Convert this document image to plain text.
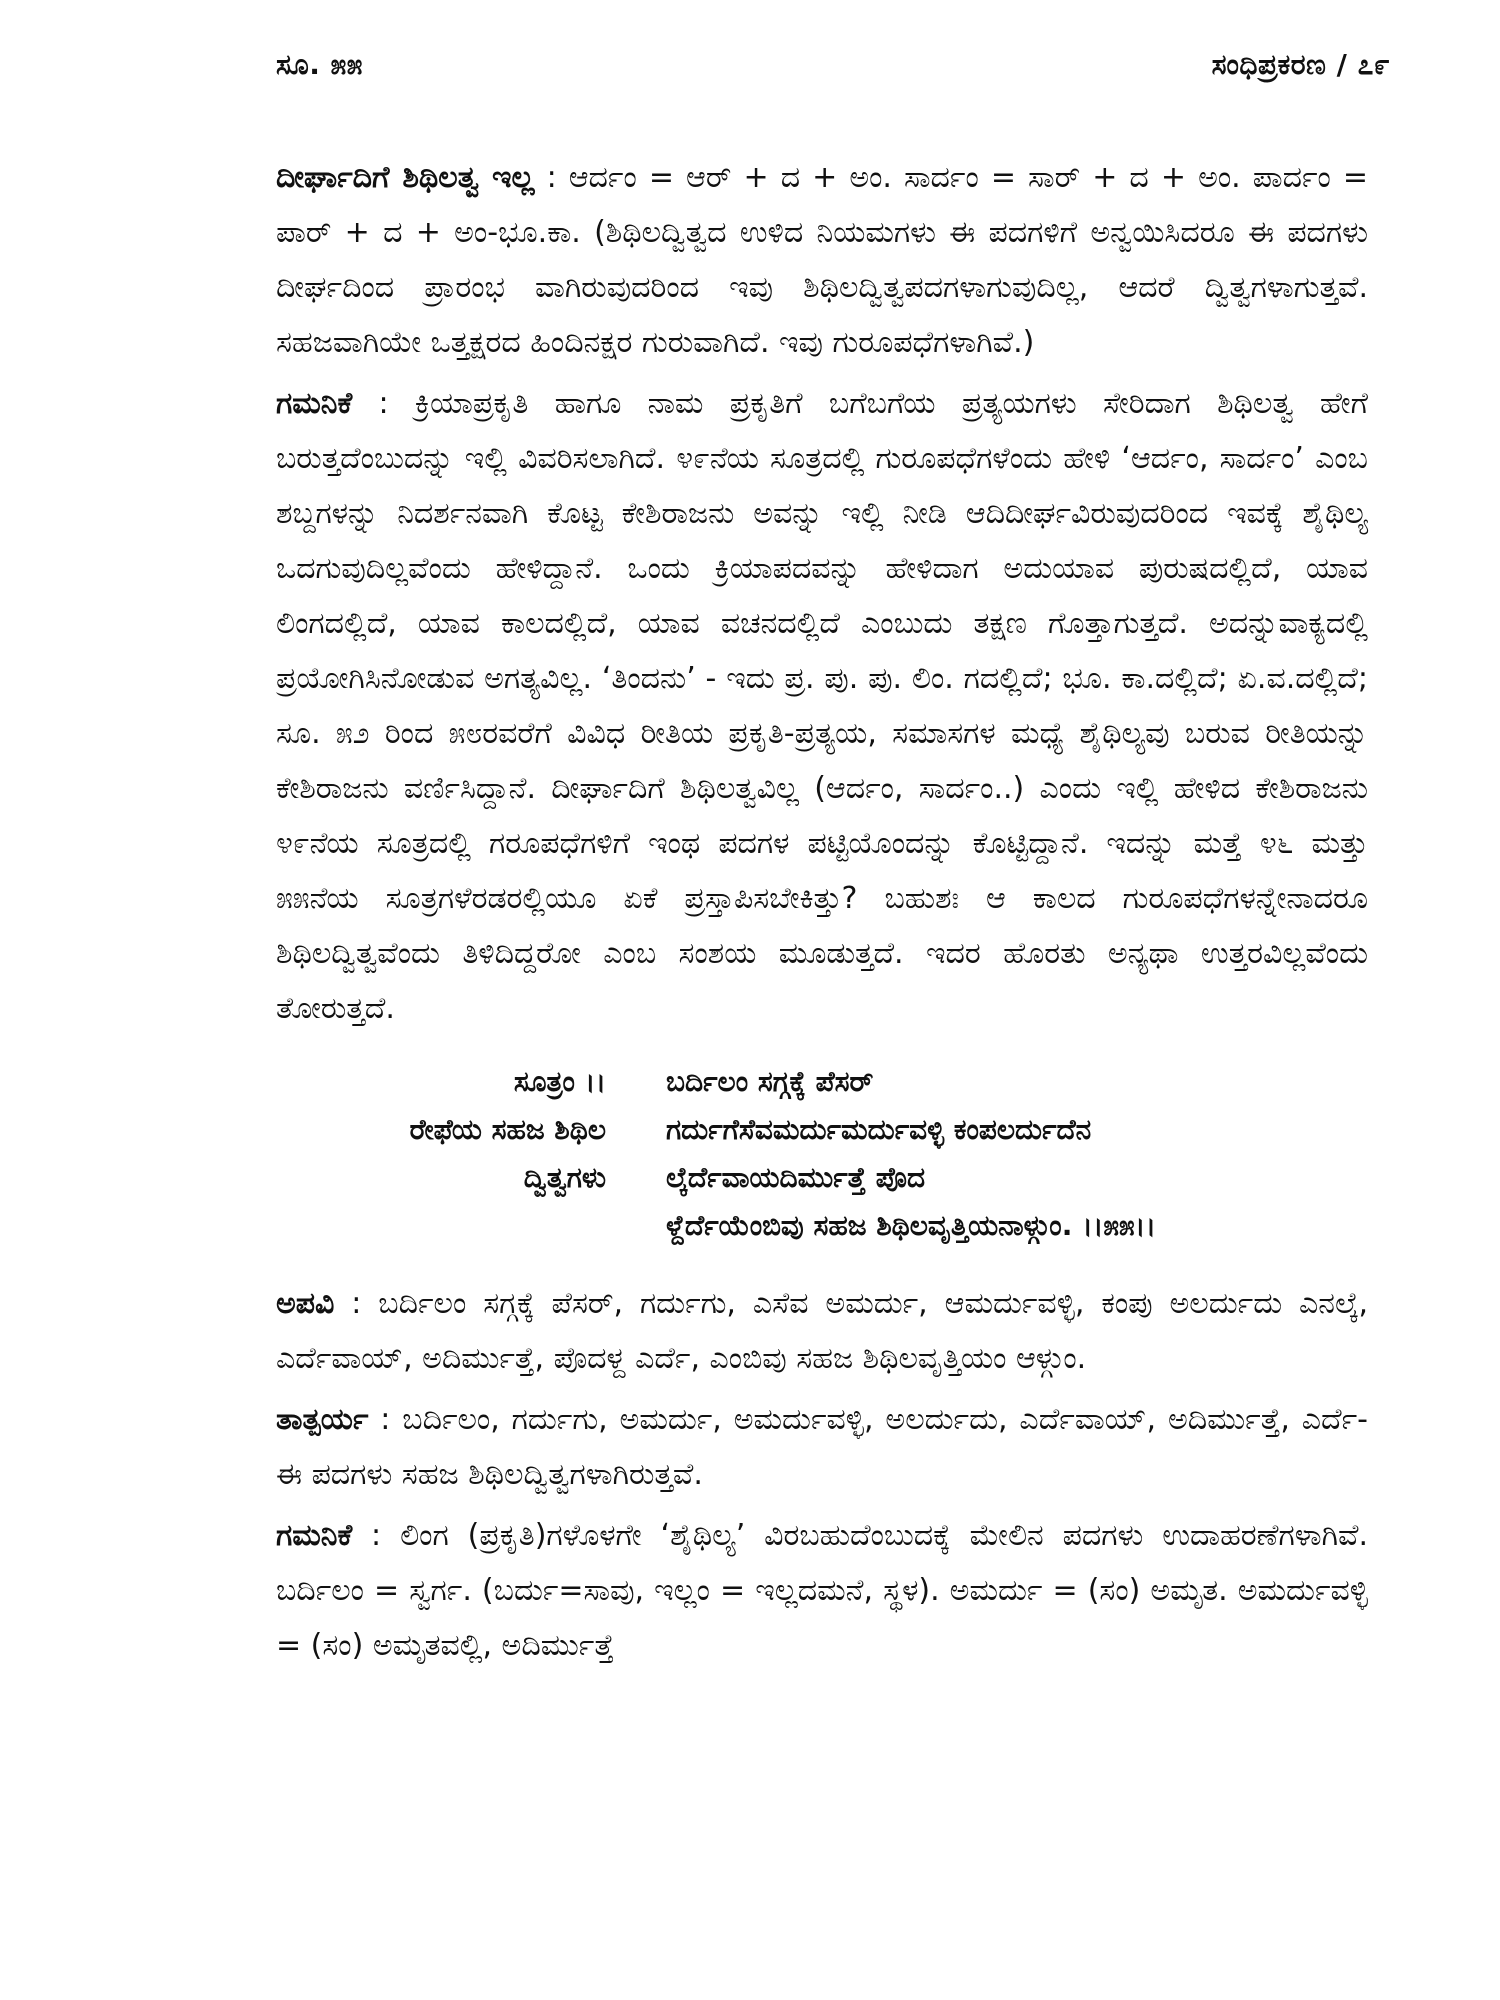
ಸೂ. ೫೫	ಸಂಧಿಪ್ರಕರಣ / ೭೯

ದೀರ್ಘಾದಿಗೆ ಶಿಥಿಲತ್ವ ಇಲ್ಲ : ಆರ್ದಂ = ಆರ್ + ದ + ಅಂ. ಸಾರ್ದಂ = ಸಾರ್ + ದ + ಅಂ. ಪಾರ್ದಂ = ಪಾರ್ + ದ + ಅಂ-ಭೂ.ಕಾ. (ಶಿಥಿಲದ್ವಿತ್ವದ ಉಳಿದ ನಿಯಮಗಳು ಈ ಪದಗಳಿಗೆ ಅನ್ವಯಿಸಿದರೂ ಈ ಪದಗಳು ದೀರ್ಘದಿಂದ ಪ್ರಾರಂಭ ವಾಗಿರುವುದರಿಂದ ಇವು ಶಿಥಿಲದ್ವಿತ್ವಪದಗಳಾಗುವುದಿಲ್ಲ, ಆದರೆ ದ್ವಿತ್ವಗಳಾಗುತ್ತವೆ. ಸಹಜವಾಗಿಯೇ ಒತ್ತಕ್ಷರದ ಹಿಂದಿನಕ್ಷರ ಗುರುವಾಗಿದೆ. ಇವು ಗುರೂಪಧೆಗಳಾಗಿವೆ.)

ಗಮನಿಕೆ : ಕ್ರಿಯಾಪ್ರಕೃತಿ ಹಾಗೂ ನಾಮ ಪ್ರಕೃತಿಗೆ ಬಗೆಬಗೆಯ ಪ್ರತ್ಯಯಗಳು ಸೇರಿದಾಗ ಶಿಥಿಲತ್ವ ಹೇಗೆ ಬರುತ್ತದೆಂಬುದನ್ನು ಇಲ್ಲಿ ವಿವರಿಸಲಾಗಿದೆ. ೪೯ನೆಯ ಸೂತ್ರದಲ್ಲಿ ಗುರೂಪಧೆಗಳೆಂದು ಹೇಳಿ ‘ಆರ್ದಂ, ಸಾರ್ದಂ’ ಎಂಬ ಶಬ್ದಗಳನ್ನು ನಿದರ್ಶನವಾಗಿ ಕೊಟ್ಟ ಕೇಶಿರಾಜನು ಅವನ್ನು ಇಲ್ಲಿ ನೀಡಿ ಆದಿದೀರ್ಘವಿರುವುದರಿಂದ ಇವಕ್ಕೆ ಶೈಥಿಲ್ಯ ಒದಗುವುದಿಲ್ಲವೆಂದು ಹೇಳಿದ್ದಾನೆ. ಒಂದು ಕ್ರಿಯಾಪದವನ್ನು ಹೇಳಿದಾಗ ಅದುಯಾವ ಪುರುಷದಲ್ಲಿದೆ, ಯಾವ ಲಿಂಗದಲ್ಲಿದೆ, ಯಾವ ಕಾಲದಲ್ಲಿದೆ, ಯಾವ ವಚನದಲ್ಲಿದೆ ಎಂಬುದು ತಕ್ಷಣ ಗೊತ್ತಾಗುತ್ತದೆ. ಅದನ್ನುವಾಕ್ಯದಲ್ಲಿ ಪ್ರಯೋಗಿಸಿನೋಡುವ ಅಗತ್ಯವಿಲ್ಲ. ‘ತಿಂದನು’ - ಇದು ಪ್ರ. ಪು. ಪು. ಲಿಂ. ಗದಲ್ಲಿದೆ; ಭೂ. ಕಾ.ದಲ್ಲಿದೆ; ಏ.ವ.ದಲ್ಲಿದೆ; ಸೂ. ೫೨ ರಿಂದ ೫೮ರವರೆಗೆ ವಿವಿಧ ರೀತಿಯ ಪ್ರಕೃತಿ-ಪ್ರತ್ಯಯ, ಸಮಾಸಗಳ ಮಧ್ಯೆ ಶೈಥಿಲ್ಯವು ಬರುವ ರೀತಿಯನ್ನು ಕೇಶಿರಾಜನು ವರ್ಣಿಸಿದ್ದಾನೆ. ದೀರ್ಘಾದಿಗೆ ಶಿಥಿಲತ್ವವಿಲ್ಲ (ಆರ್ದಂ, ಸಾರ್ದಂ..) ಎಂದು ಇಲ್ಲಿ ಹೇಳಿದ ಕೇಶಿರಾಜನು ೪೯ನೆಯ ಸೂತ್ರದಲ್ಲಿ ಗರೂಪಧೆಗಳಿಗೆ ಇಂಥ ಪದಗಳ ಪಟ್ಟಿಯೊಂದನ್ನು ಕೊಟ್ಟಿದ್ದಾನೆ. ಇದನ್ನು ಮತ್ತೆ ೪೬ ಮತ್ತು ೫೫ನೆಯ ಸೂತ್ರಗಳೆರಡರಲ್ಲಿಯೂ ಏಕೆ ಪ್ರಸ್ತಾಪಿಸಬೇಕಿತ್ತು? ಬಹುಶಃ ಆ ಕಾಲದ ಗುರೂಪಧೆಗಳನ್ನೇನಾದರೂ ಶಿಥಿಲದ್ವಿತ್ವವೆಂದು ತಿಳಿದಿದ್ದರೋ ಎಂಬ ಸಂಶಯ ಮೂಡುತ್ತದೆ. ಇದರ ಹೊರತು ಅನ್ಯಥಾ ಉತ್ತರವಿಲ್ಲವೆಂದು ತೋರುತ್ತದೆ.

ಸೂತ್ರಂ ।। ಬರ್ದಿಲಂ ಸಗ್ಗಕ್ಕೆ ಪೆಸರ್
ರೇಫೆಯ ಸಹಜ ಶಿಥಿಲ ಗರ್ದುಗೆಸೆವಮರ್ದುಮರ್ದುವಳ್ಳಿ ಕಂಪಲರ್ದುದೆನ
ದ್ವಿತ್ವಗಳು ಲ್ಕೆರ್ದೆವಾಯದಿರ್ಮುತ್ತೆ ಪೊದ
ಳ್ದೆರ್ದೆಯೆಂಬಿವು ಸಹಜ ಶಿಥಿಲವೃತ್ತಿಯನಾಳ್ಗುಂ. ।।೫೫।।

ಅಪವಿ : ಬರ್ದಿಲಂ ಸಗ್ಗಕ್ಕೆ ಪೆಸರ್, ಗರ್ದುಗು, ಎಸೆವ ಅಮರ್ದು, ಆಮರ್ದುವಳ್ಳಿ, ಕಂಪು ಅಲರ್ದುದು ಎನಲ್ಕೆ, ಎರ್ದೆವಾಯ್, ಅದಿರ್ಮುತ್ತೆ, ಪೊದಳ್ದ ಎರ್ದೆ, ಎಂಬಿವು ಸಹಜ ಶಿಥಿಲವೃತ್ತಿಯಂ ಆಳ್ಗುಂ.

ತಾತ್ಪರ್ಯ : ಬರ್ದಿಲಂ, ಗರ್ದುಗು, ಅಮರ್ದು, ಅಮರ್ದುವಳ್ಳಿ, ಅಲರ್ದುದು, ಎರ್ದೆವಾಯ್, ಅದಿರ್ಮುತ್ತೆ, ಎರ್ದೆ- ಈ ಪದಗಳು ಸಹಜ ಶಿಥಿಲದ್ವಿತ್ವಗಳಾಗಿರುತ್ತವೆ.

ಗಮನಿಕೆ : ಲಿಂಗ (ಪ್ರಕೃತಿ)ಗಳೊಳಗೇ ‘ಶೈಥಿಲ್ಯ’ ವಿರಬಹುದೆಂಬುದಕ್ಕೆ ಮೇಲಿನ ಪದಗಳು ಉದಾಹರಣೆಗಳಾಗಿವೆ. ಬರ್ದಿಲಂ = ಸ್ವರ್ಗ. (ಬರ್ದು=ಸಾವು, ಇಲ್ಲಂ = ಇಲ್ಲದಮನೆ, ಸ್ಥಳ). ಅಮರ್ದು = (ಸಂ) ಅಮೃತ. ಅಮರ್ದುವಳ್ಳಿ = (ಸಂ) ಅಮೃತವಲ್ಲಿ, ಅದಿರ್ಮುತ್ತೆ
